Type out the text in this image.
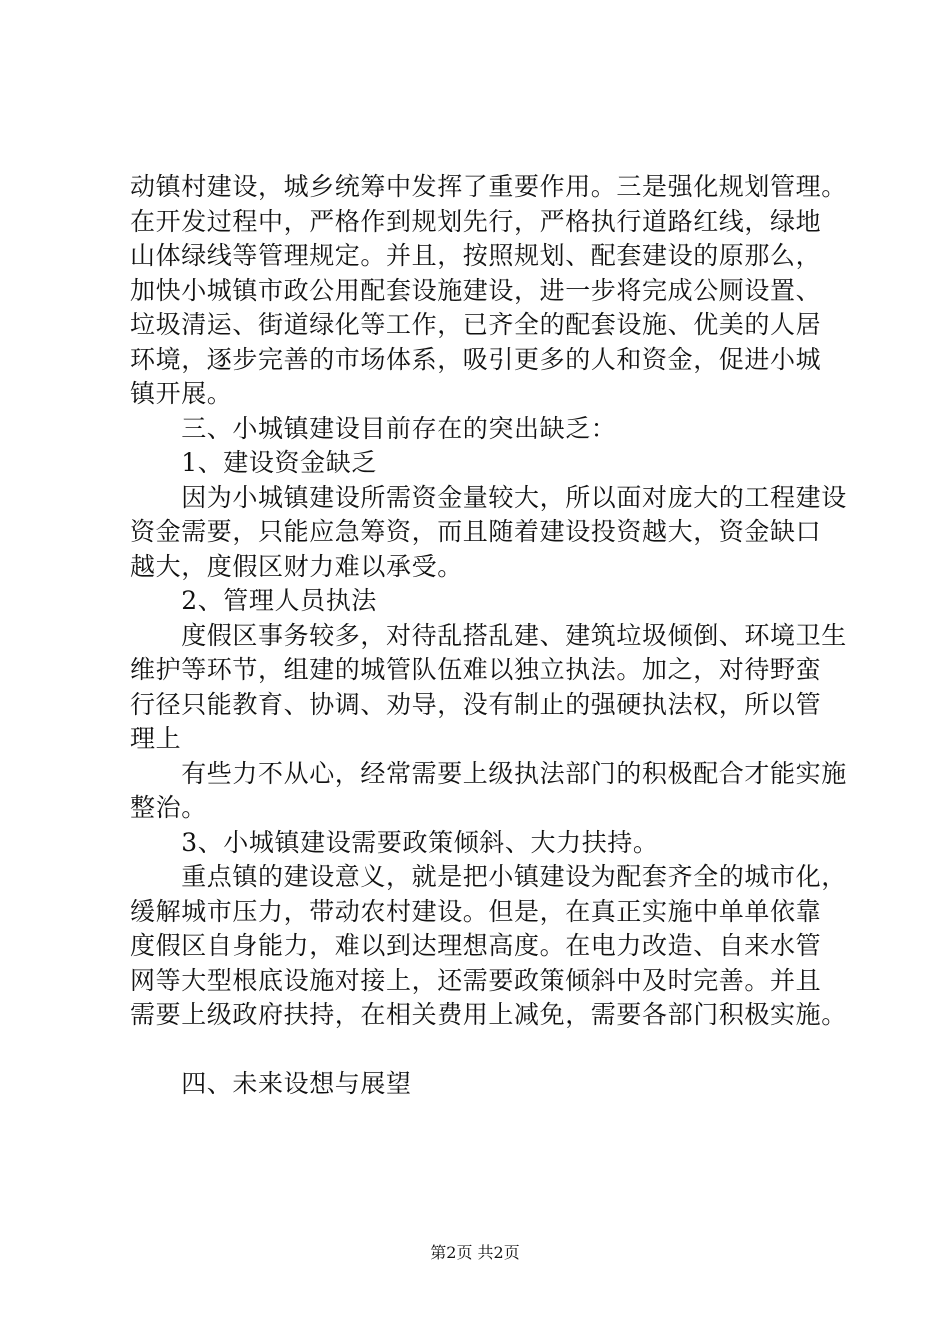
动镇村建设，城乡统筹中发挥了重要作用。三是强化规划管理。

在开发过程中，严格作到规划先行，严格执行道路红线，绿地

山体绿线等管理规定。并且，按照规划、配套建设的原那么，

加快小城镇市政公用配套设施建设，进一步将完成公厕设置、

垃圾清运、街道绿化等工作，已齐全的配套设施、优美的人居

环境，逐步完善的市场体系，吸引更多的人和资金，促进小城

镇开展。

　　三、小城镇建设目前存在的突出缺乏：

　　1、建设资金缺乏

　　因为小城镇建设所需资金量较大，所以面对庞大的工程建设

资金需要，只能应急筹资，而且随着建设投资越大，资金缺口

越大，度假区财力难以承受。

　　2、管理人员执法

　　度假区事务较多，对待乱搭乱建、建筑垃圾倾倒、环境卫生

维护等环节，组建的城管队伍难以独立执法。加之，对待野蛮

行径只能教育、协调、劝导，没有制止的强硬执法权，所以管

理上

　　有些力不从心，经常需要上级执法部门的积极配合才能实施

整治。

　　3、小城镇建设需要政策倾斜、大力扶持。

　　重点镇的建设意义，就是把小镇建设为配套齐全的城市化，

缓解城市压力，带动农村建设。但是，在真正实施中单单依靠

度假区自身能力，难以到达理想高度。在电力改造、自来水管

网等大型根底设施对接上，还需要政策倾斜中及时完善。并且

需要上级政府扶持，在相关费用上减免，需要各部门积极实施。

　　四、未来设想与展望

第2页 共2页
